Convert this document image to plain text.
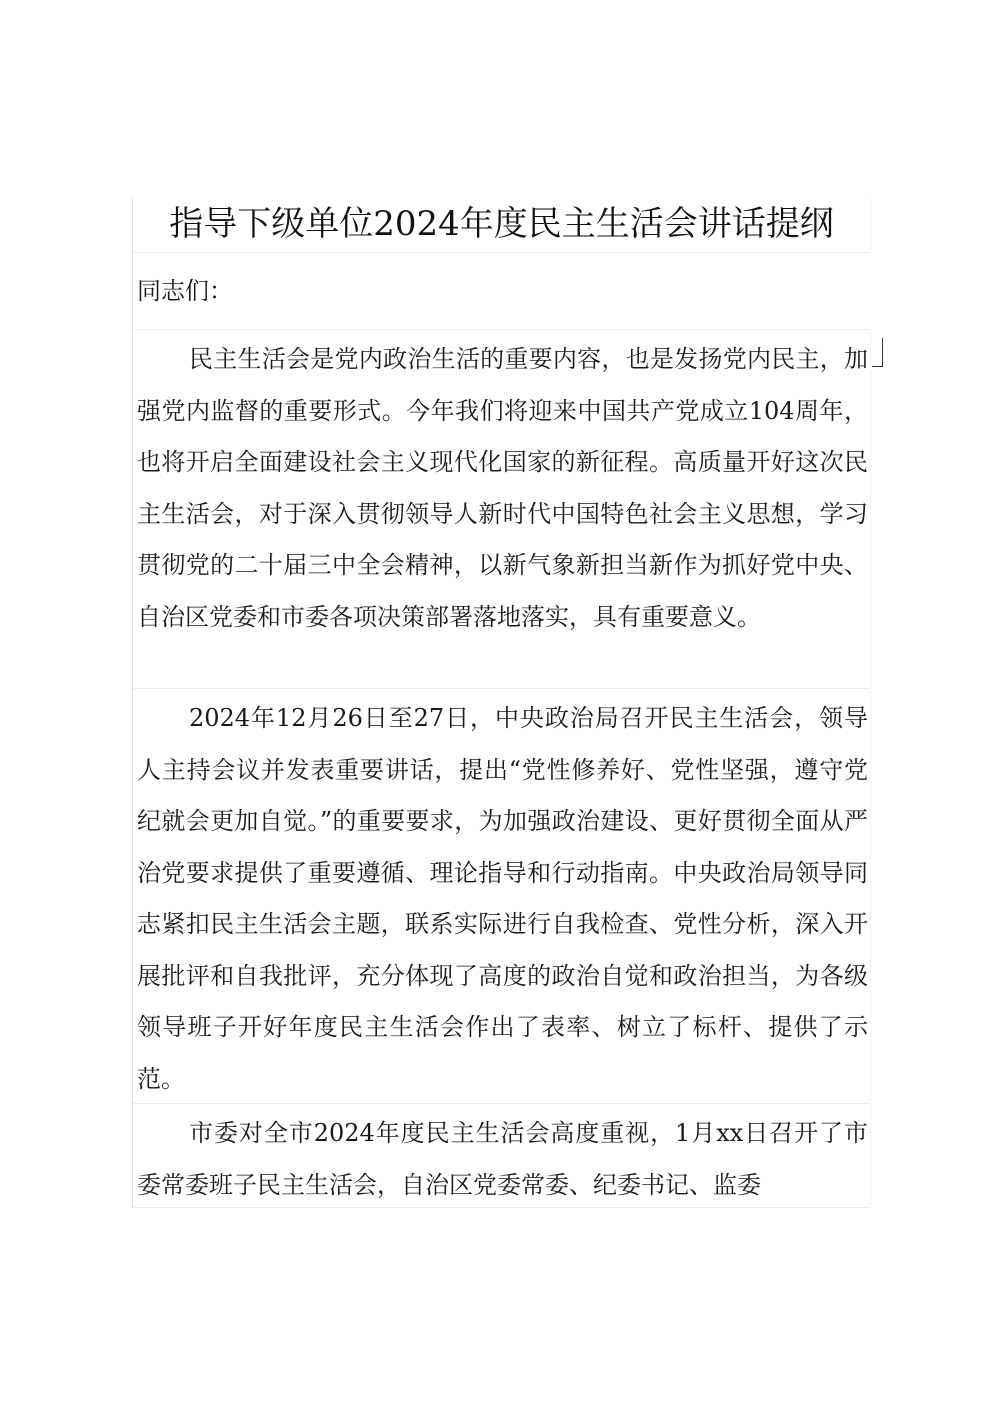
指导下级单位2024年度民主生活会讲话提纲
同志们：
民主生活会是党内政治生活的重要内容，也是发扬党内民主，加强党内监督的重要形式。今年我们将迎来中国共产党成立104周年，也将开启全面建设社会主义现代化国家的新征程。高质量开好这次民主生活会，对于深入贯彻领导人新时代中国特色社会主义思想，学习贯彻党的二十届三中全会精神，以新气象新担当新作为抓好党中央、自治区党委和市委各项决策部署落地落实，具有重要意义。
2024年12月26日至27日，中央政治局召开民主生活会，领导人主持会议并发表重要讲话，提出“党性修养好、党性坚强，遵守党纪就会更加自觉。”的重要要求，为加强政治建设、更好贯彻全面从严治党要求提供了重要遵循、理论指导和行动指南。中央政治局领导同志紧扣民主生活会主题，联系实际进行自我检查、党性分析，深入开展批评和自我批评，充分体现了高度的政治自觉和政治担当，为各级领导班子开好年度民主生活会作出了表率、树立了标杆、提供了示范。
市委对全市2024年度民主生活会高度重视，1月xx日召开了市委常委班子民主生活会，自治区党委常委、纪委书记、监委
